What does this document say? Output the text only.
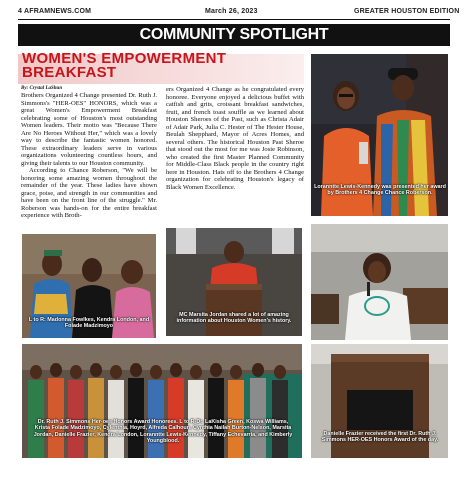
4 AFRAMNEWS.COM	March 26, 2023	GREATER HOUSTON EDITION
COMMUNITY SPOTLIGHT
WOMEN'S EMPOWERMENT
BREAKFAST
By: Crystal LaShun

Brothers Organized 4 Change presented Dr. Ruth J. Simmons's "HER-OES" HONORS, which was a great Women's Empowerment Breakfast celebrating some of Houston's most outstanding Women leaders. Their motto was "Because There Are No Heroes Without Her," which was a lovely way to describe the fantastic women honored. These extraordinary leaders serve in various organizations volunteering countless hours, and giving their talents to our Houston community.

According to Chance Roberson, "We will be honoring some amazing women throughout the remainder of the year. These ladies have shown grace, poise, and strength in our communities and have been on the front line of the struggle." Mr. Roberson was hands-on for the entire breakfast experience with Broth-

ers Organized 4 Change as he congratulated every honoree. Everyone enjoyed a delicious buffet with catfish and grits, croissant breakfast sandwiches, fruit, and french toast souffle as we learned about Houston Sheroes of the Past, such as Christa Adair of Adair Park, Julia C. Hester of The Hester House, Beulah Shepphard, Mayor of Acres Homes, and several others. The historical Houston Past Sheroe that stood out the most for me was Josie Robinson, who created the first Master Planned Community for Middle-Class Black people in the country right here in Houston. Hats off to the Brothers 4 Change organization for celebrating Houston's legacy of Black Women Excellence.	Loranntte Lewis-Kennedy was presented her award by Brothers 4 Change Chance Roberson.
L to R: Madonna Fowlkes, Kendra London, and Folade Madzimoyo
MC Marsita Jordan shared a lot of amazing information about Houston Women's history.
Dr. Ruth J. Simmons Her-oes Honors Award Honorees. L to R-Dr. LaKisha Green, Koswa Williams, Krista Folade Madzimoyo, Cylenthia, Hoyrd, Alfreda Calhoun, Cynthia Nailah Burton-Nelson, Marsita Jordan, Danielle Frazier, Kendra London, Loranntte Lewis-Kennedy, Tiffany Echevarria, and Kimberly Youngblood.
Danielle Frazier received the first Dr. Ruth J. Simmons HER-OES Honors Award of the day.
